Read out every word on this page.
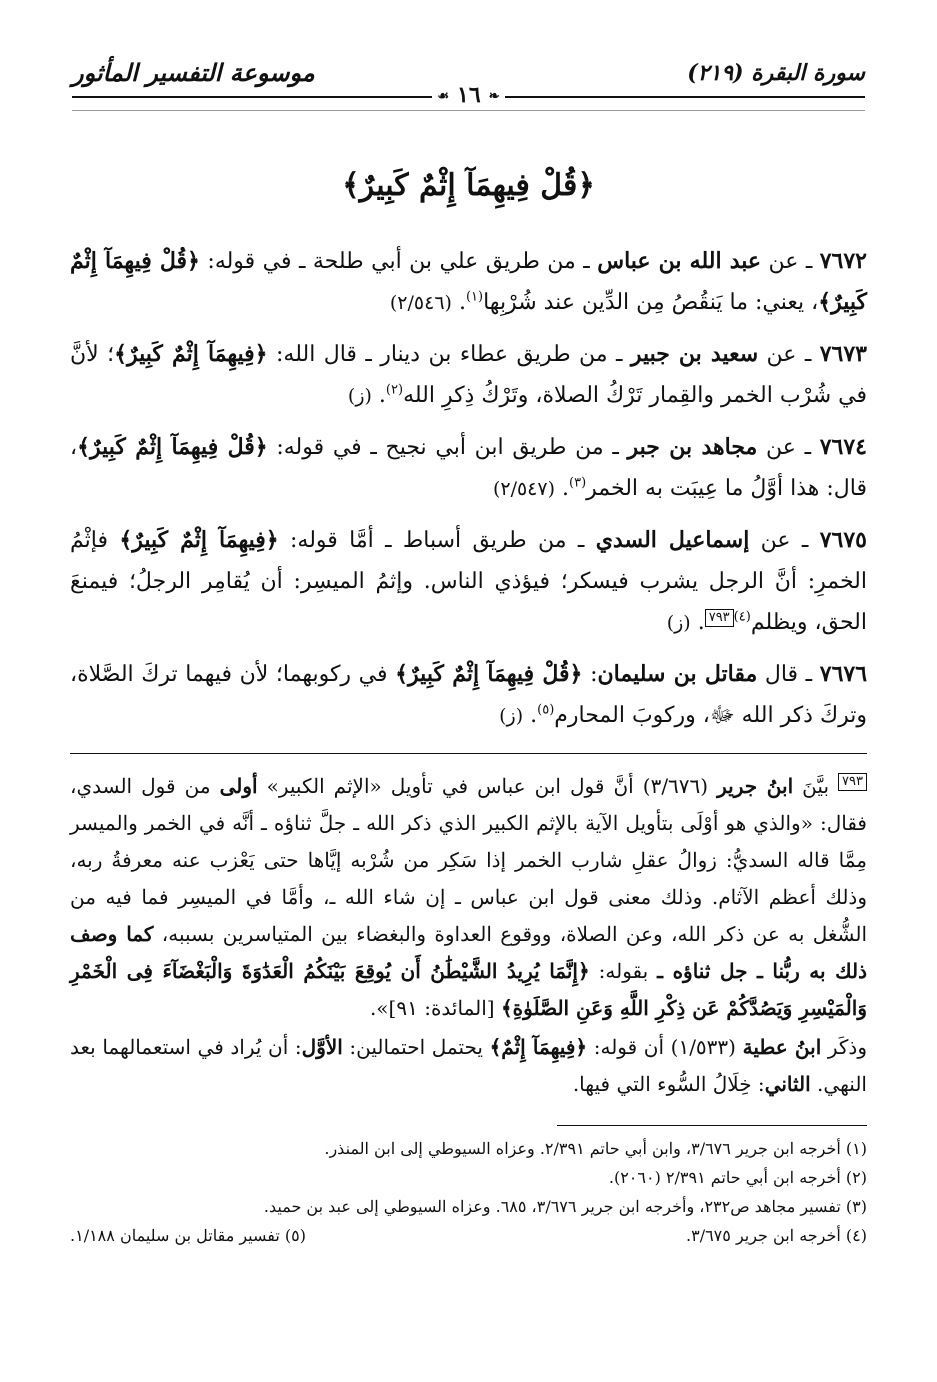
سورة البقرة (٢١٩)
موسوعة التفسير المأثور
❧١٦☙
﴿قُلْ فِيهِمَآ إِثْمٌ كَبِيرٌ﴾

٧٦٧٢ ـ عن عبد الله بن عباس ـ من طريق علي بن أبي طلحة ـ في قوله: ﴿قُلْ فِيهِمَآ إِثْمٌ كَبِيرٌ﴾، يعني: ما يَنقُصُ مِن الدِّين عند شُرْبِها$^{(١)}$. (٢/٥٤٦)

٧٦٧٣ ـ عن سعيد بن جبير ـ من طريق عطاء بن دينار ـ قال الله: ﴿فِيهِمَآ إِثْمٌ كَبِيرٌ﴾؛ لأنَّ في شُرْب الخمر والقِمار تَرْكُ الصلاة، وتَرْكُ ذِكرِ الله$^{(٢)}$. (ز)

٧٦٧٤ ـ عن مجاهد بن جبر ـ من طريق ابن أبي نجيح ـ في قوله: ﴿قُلْ فِيهِمَآ إِثْمٌ كَبِيرٌ﴾، قال: هذا أوَّلُ ما عِيبَت به الخمر$^{(٣)}$. (٢/٥٤٧)

٧٦٧٥ ـ عن إسماعيل السدي ـ من طريق أسباط ـ أمَّا قوله: ﴿فِيهِمَآ إِثْمٌ كَبِيرٌ﴾ فإثْمُ الخمرِ: أنَّ الرجل يشرب فيسكر؛ فيؤذي الناس. وإثمُ الميسِر: أن يُقامِر الرجلُ؛ فيمنعَ الحق، ويظلم$^{(٤)}$٧٩٣. (ز)

٧٦٧٦ ـ قال مقاتل بن سليمان: ﴿قُلْ فِيهِمَآ إِثْمٌ كَبِيرٌ﴾ في ركوبهما؛ لأن فيهما تركَ الصَّلاة، وتركَ ذكر الله ﷻ، وركوبَ المحارم$^{(٥)}$. (ز)

٧٩٣ بيَّنَ ابنُ جرير (٣/٦٧٦) أنَّ قول ابن عباس في تأويل «الإثم الكبير» أولى من قول السدي، فقال: «والذي هو أوْلَى بتأويل الآية بالإثم الكبير الذي ذكر الله ـ جلَّ ثناؤه ـ أنَّه في الخمر والميسر مِمَّا قاله السديُّ: زوالُ عقلِ شارب الخمر إذا سَكِر من شُرْبه إيَّاها حتى يَعْزب عنه معرفةُ ربه، وذلك أعظم الآثام. وذلك معنى قول ابن عباس ـ إن شاء الله ـ، وأمَّا في الميسِر فما فيه من الشُّغل به عن ذكر الله، وعن الصلاة، ووقوع العداوة والبغضاء بين المتياسرين بسببه، كما وصف ذلك به ربُّنا ـ جل ثناؤه ـ بقوله: ﴿إِنَّمَا يُرِيدُ الشَّيْطَٰنُ أَن يُوقِعَ بَيْنَكُمُ الْعَدَٰوَةَ وَالْبَغْضَآءَ فِى الْخَمْرِ وَالْمَيْسِرِ وَيَصُدَّكُمْ عَن ذِكْرِ اللَّهِ وَعَنِ الصَّلَوٰةِ﴾ [المائدة: ٩١]».

وذكَر ابنُ عطية (١/٥٣٣) أن قوله: ﴿فِيهِمَآ إِثْمٌ﴾ يحتمل احتمالين: الأوَّل: أن يُراد في استعمالهما بعد النهي. الثاني: خِلَالُ السُّوء التي فيها.

(١) أخرجه ابن جرير ٣/٦٧٦، وابن أبي حاتم ٢/٣٩١. وعزاه السيوطي إلى ابن المنذر.

(٢) أخرجه ابن أبي حاتم ٢/٣٩١ (٢٠٦٠).

(٣) تفسير مجاهد ص٢٣٢، وأخرجه ابن جرير ٣/٦٧٦، ٦٨٥. وعزاه السيوطي إلى عبد بن حميد.

(٤) أخرجه ابن جرير ٣/٦٧٥.
(٥) تفسير مقاتل بن سليمان ١/١٨٨.
